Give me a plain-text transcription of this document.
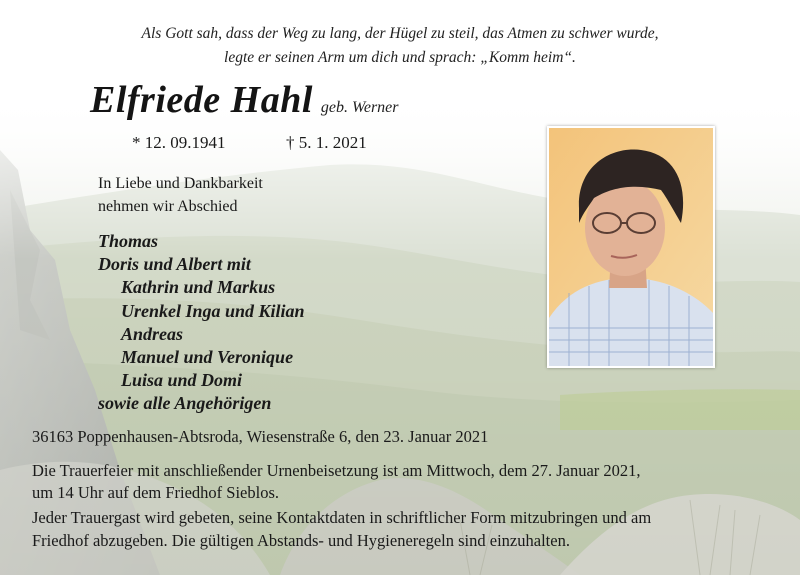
Als Gott sah, dass der Weg zu lang, der Hügel zu steil, das Atmen zu schwer wurde,
legte er seinen Arm um dich und sprach: „Komm heim“.
Elfriede Hahl geb. Werner
* 12. 09.1941	† 5. 1. 2021
In Liebe und Dankbarkeit
nehmen wir Abschied
Thomas
Doris und Albert mit
Kathrin und Markus
Urenkel Inga und Kilian
Andreas
Manuel und Veronique
Luisa und Domi
sowie alle Angehörigen
36163 Poppenhausen-Abtsroda, Wiesenstraße 6, den 23. Januar 2021
Die Trauerfeier mit anschließender Urnenbeisetzung ist am Mittwoch, dem 27. Januar 2021,
um 14 Uhr auf dem Friedhof Sieblos.
Jeder Trauergast wird gebeten, seine Kontaktdaten in schriftlicher Form mitzubringen und am
Friedhof abzugeben. Die gültigen Abstands- und Hygieneregeln sind einzuhalten.
